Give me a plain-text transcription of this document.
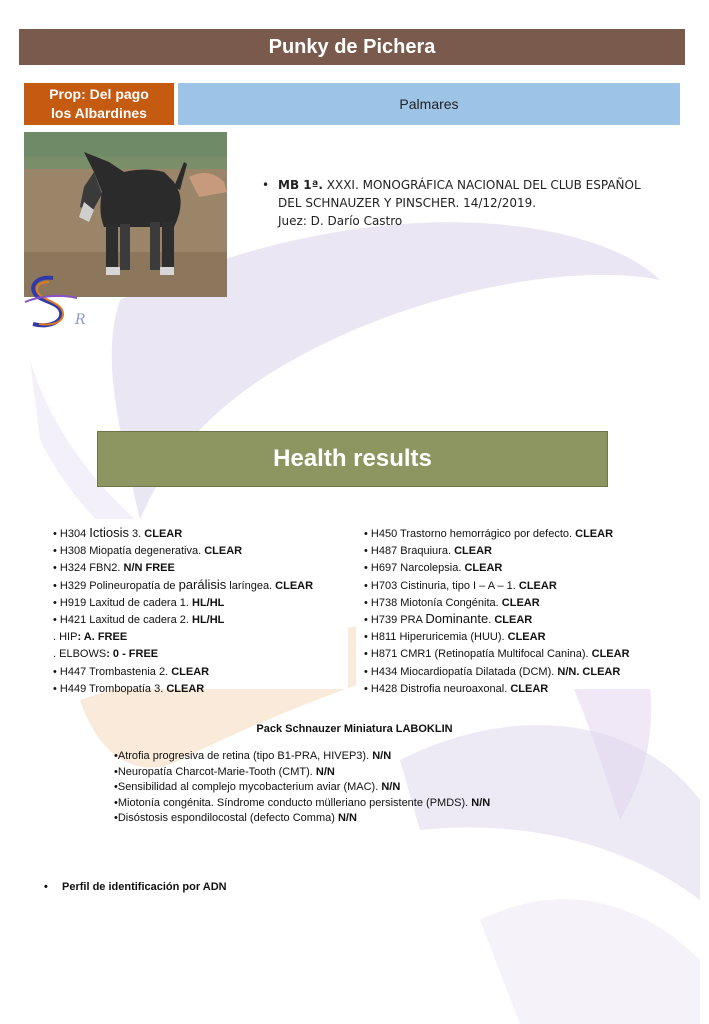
Punky de Pichera
Prop: Del pago
los Albardines
Palmares
R
• MB 1ª. XXXI. MONOGRÁFICA NACIONAL DEL CLUB ESPAÑOL DEL SCHNAUZER Y PINSCHER. 14/12/2019.
Juez: D. Darío Castro
Health results
• H304 Ictiosis 3. CLEAR
• H308 Miopatía degenerativa. CLEAR
• H324 FBN2. N/N FREE
• H329 Polineuropatía de parálisis laríngea. CLEAR
• H919 Laxitud de cadera 1. HL/HL
• H421 Laxitud de cadera 2. HL/HL
. HIP: A. FREE
. ELBOWS: 0 - FREE
• H447 Trombastenia 2. CLEAR
• H449 Trombopatía 3. CLEAR
• H450 Trastorno hemorrágico por defecto. CLEAR
• H487 Braquiura. CLEAR
• H697 Narcolepsia. CLEAR
• H703 Cistinuria, tipo I – A – 1. CLEAR
• H738 Miotonía Congénita. CLEAR
• H739 PRA Dominante. CLEAR
• H811 Hiperuricemia (HUU). CLEAR
• H871 CMR1 (Retinopatía Multifocal Canina). CLEAR
• H434 Miocardiopatía Dilatada (DCM). N/N. CLEAR
• H428 Distrofia neuroaxonal. CLEAR
Pack Schnauzer Miniatura LABOKLIN
•Atrofia progresiva de retina (tipo B1-PRA, HIVEP3). N/N
•Neuropatía Charcot-Marie-Tooth (CMT). N/N
•Sensibilidad al complejo mycobacterium aviar (MAC). N/N
•Miotonía congénita. Síndrome conducto mülleriano persistente (PMDS). N/N
•Disóstosis espondilocostal (defecto Comma) N/N
• Perfil de identificación por ADN
